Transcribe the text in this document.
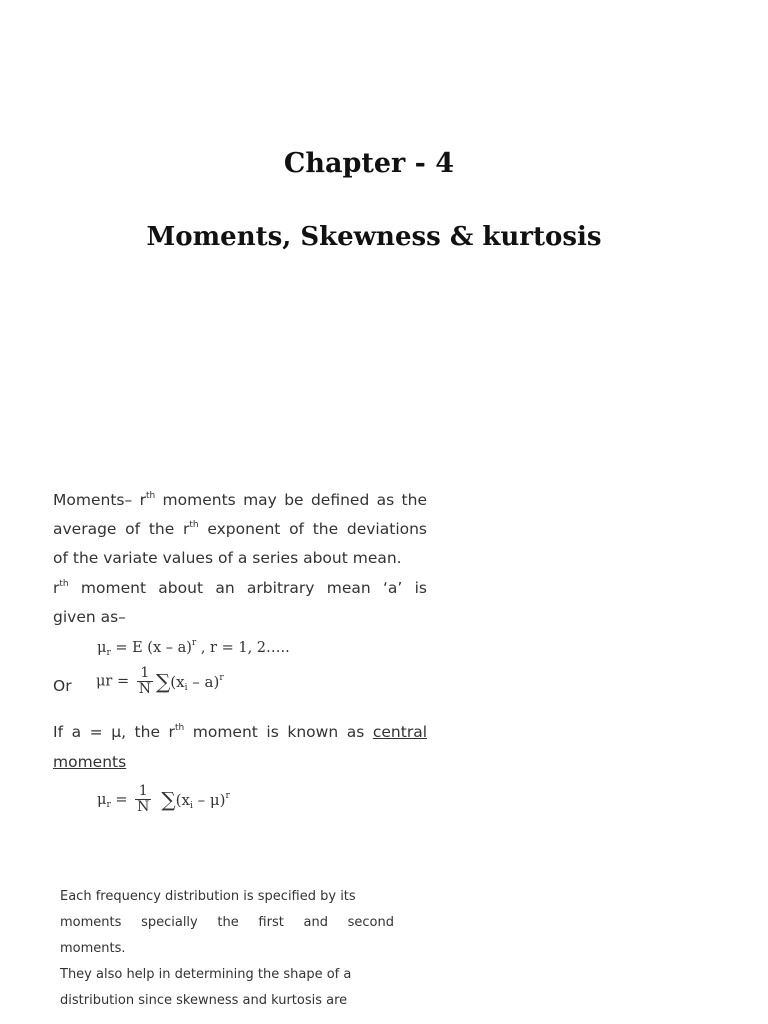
Chapter - 4
Moments, Skewness & kurtosis
Moments– $r^{th}$ moments may be defined as the
average of the $r^{th}$ exponent of the deviations
of the variate values of a series about mean.
$r^{th}$ moment about an arbitrary mean ‘a’ is
given as–
$\mu_r = E$ (x – a)$^r$ , r = 1, 2…..
Or $\mu r = \frac{1}{N} \sum(x_i - a)^r$
If a = μ, the $r^{th}$ moment is known as central
moments
$\mu_r = \frac{1}{N} \sum(x_i - \mu)^r$
Each frequency distribution is specified by its
moments specially the first and second
moments.
They also help in determining the shape of a
distribution since skewness and kurtosis are
